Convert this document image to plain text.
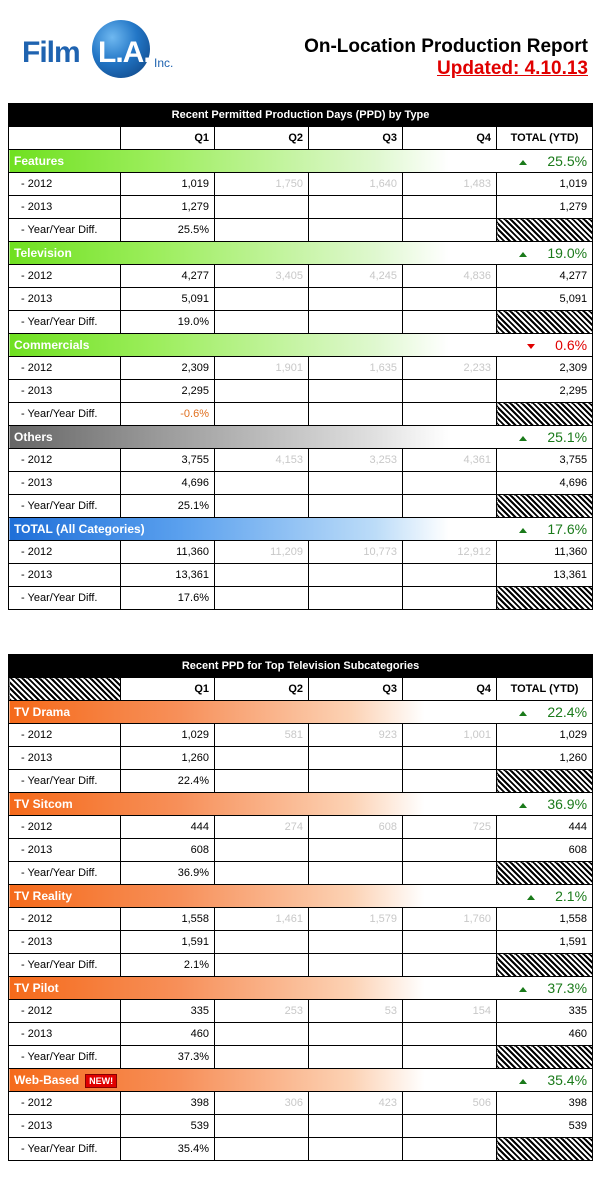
Film L.A. Inc.
On-Location Production Report
Updated: 4.10.13
Recent Permitted Production Days (PPD) by Type					
	Q1	Q2	Q3	Q4	TOTAL (YTD)
Features					25.5%
- 2012	1,019	1,750	1,640	1,483	1,019
- 2013	1,279				1,279
- Year/Year Diff.	25.5%				
Television					19.0%
- 2012	4,277	3,405	4,245	4,836	4,277
- 2013	5,091				5,091
- Year/Year Diff.	19.0%				
Commercials					0.6%
- 2012	2,309	1,901	1,635	2,233	2,309
- 2013	2,295				2,295
- Year/Year Diff.	-0.6%				
Others					25.1%
- 2012	3,755	4,153	3,253	4,361	3,755
- 2013	4,696				4,696
- Year/Year Diff.	25.1%				
TOTAL (All Categories)					17.6%
- 2012	11,360	11,209	10,773	12,912	11,360
- 2013	13,361				13,361
- Year/Year Diff.	17.6%				
Recent PPD for Top Television Subcategories					
	Q1	Q2	Q3	Q4	TOTAL (YTD)
TV Drama					22.4%
- 2012	1,029	581	923	1,001	1,029
- 2013	1,260				1,260
- Year/Year Diff.	22.4%				
TV Sitcom					36.9%
- 2012	444	274	608	725	444
- 2013	608				608
- Year/Year Diff.	36.9%				
TV Reality					2.1%
- 2012	1,558	1,461	1,579	1,760	1,558
- 2013	1,591				1,591
- Year/Year Diff.	2.1%				
TV Pilot					37.3%
- 2012	335	253	53	154	335
- 2013	460				460
- Year/Year Diff.	37.3%				
Web-Based NEW!					35.4%
- 2012	398	306	423	506	398
- 2013	539				539
- Year/Year Diff.	35.4%				
